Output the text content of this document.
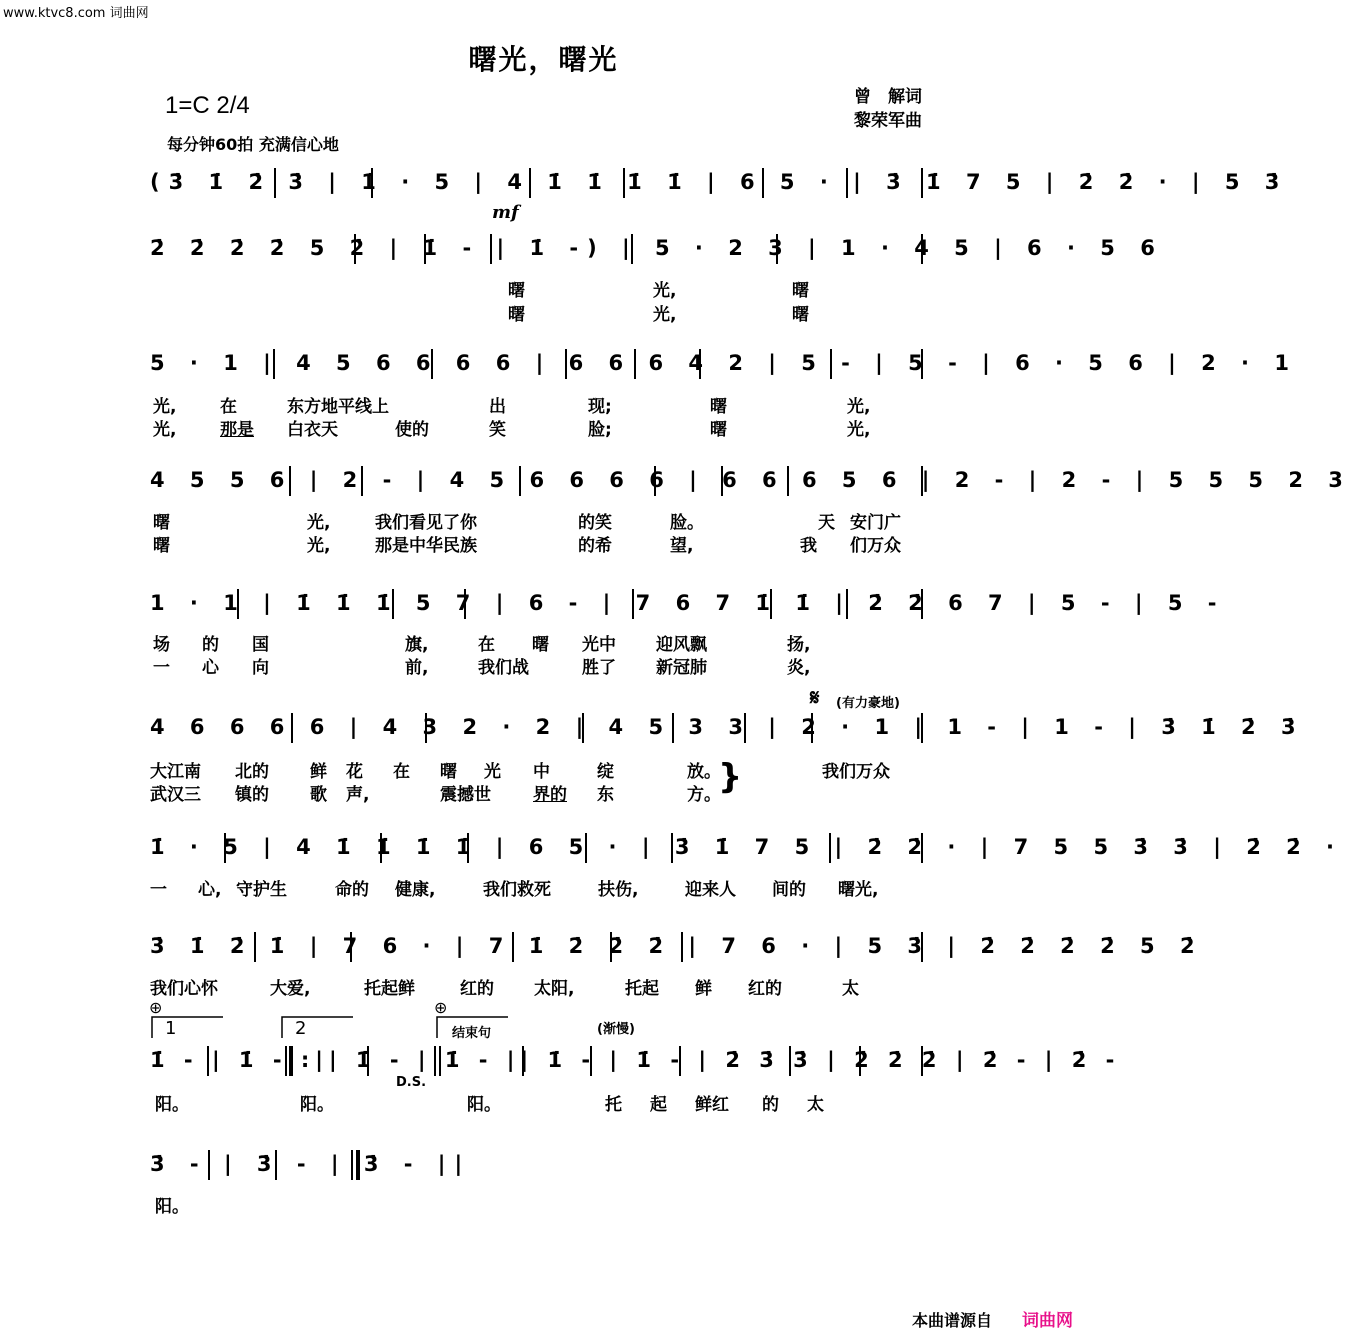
www.ktvc8.com 词曲网
曙光，曙光
1=C 2/4	曾　解词
黎荣军曲
每分钟60拍 充满信心地
(3̇ 1̇ 2̇ 3̇ | 1̇ · 5 | 4 1̇ 1̇ 1̇ 1̇ | 6 5 · | 3̇ 1̇ 7 5 | 2̇ 2̇ · | 5 3̇
mf
2̇ 2̇ 2̇ 2̇ 5 2̇ | 1̇ - | 1̇ -) | 5 · 2 3 | 1 · 4 5 | 6 · 5 6
曙	光,	曙
曙	光,	曙
5 · 1 | 4 5 6 6 6 6 | 6 6 6 4 2 | 5 - | 5 - | 6 · 5 6 | 2 · 1
光,	在	东方地平线上	出	现;	曙	光,
光,	那是 白衣天	使的	笑	脸;	曙	光,
4 5 5 6 | 2 - | 4 5 6 6 6 6 | 6 6 6 5 6 | 2 - | 2 - | 5 5 5 2 3
曙	光,	我们看见了你	的笑	脸。	天 安门广
曙	光,	那是中华民族	的希	望,	我 们万众
1 · 1 | 1̇ 1̇ 1̇ 5 7 | 6 - | 7 6 7 1̇ 1̇ | 2̇ 2̇ 6 7 | 5 - | 5 -
场 的 国	旗,	在 曙 光中 迎风飘	扬,
一 心 向	前,	我们战	胜了 新冠肺	炎,
𝄋 (有力豪地)
4 6 6 6 6 | 4 3 2 · 2 | 4 5 3 3 | 2 · 1 | 1 - | 1 - | 3̇ 1̇ 2̇ 3̇
大江南 北的 鲜 花 在 曙 光 中	绽	放。	我们万众
武汉三 镇的 歌 声,	震撼世 界的 东	方。
}
1̇ · 5 | 4 1̇ 1̇ 1̇ 1̇ | 6 5 · | 3̇ 1̇ 7 5 | 2̇ 2̇ · | 7 5 5 3̇ 3̇ | 2̇ 2̇ ·
一 心, 守护生	命的 健康,	我们救死	扶伤,	迎来人 间的 曙光,
3̇ 1̇ 2̇ 1̇ | 7 6 · | 7 1̇ 2̇ 2̇ 2̇ | 7 6 · | 5 3̇ | 2̇ 2̇ 2̇ 2̇ 5 2̇
我们心怀	大爱,	托起鲜	红的 太阳,	托起 鲜 红的	太
⊕	⊕
1	2	结束句	(渐慢)
1̇ - | 1̇ - :|| 1̇ - | 1̇ - || 1̇ - | 1̇ - | 2̇ 3̇ 3̇ | 2̇ 2̇ 2̇ | 2̇ - | 2̇ -
D.S.
阳。	阳。	阳。	托 起 鲜红 的 太
3̇ - | 3̇ - | 3̇ - ||
阳。
本曲谱源自 词曲网
